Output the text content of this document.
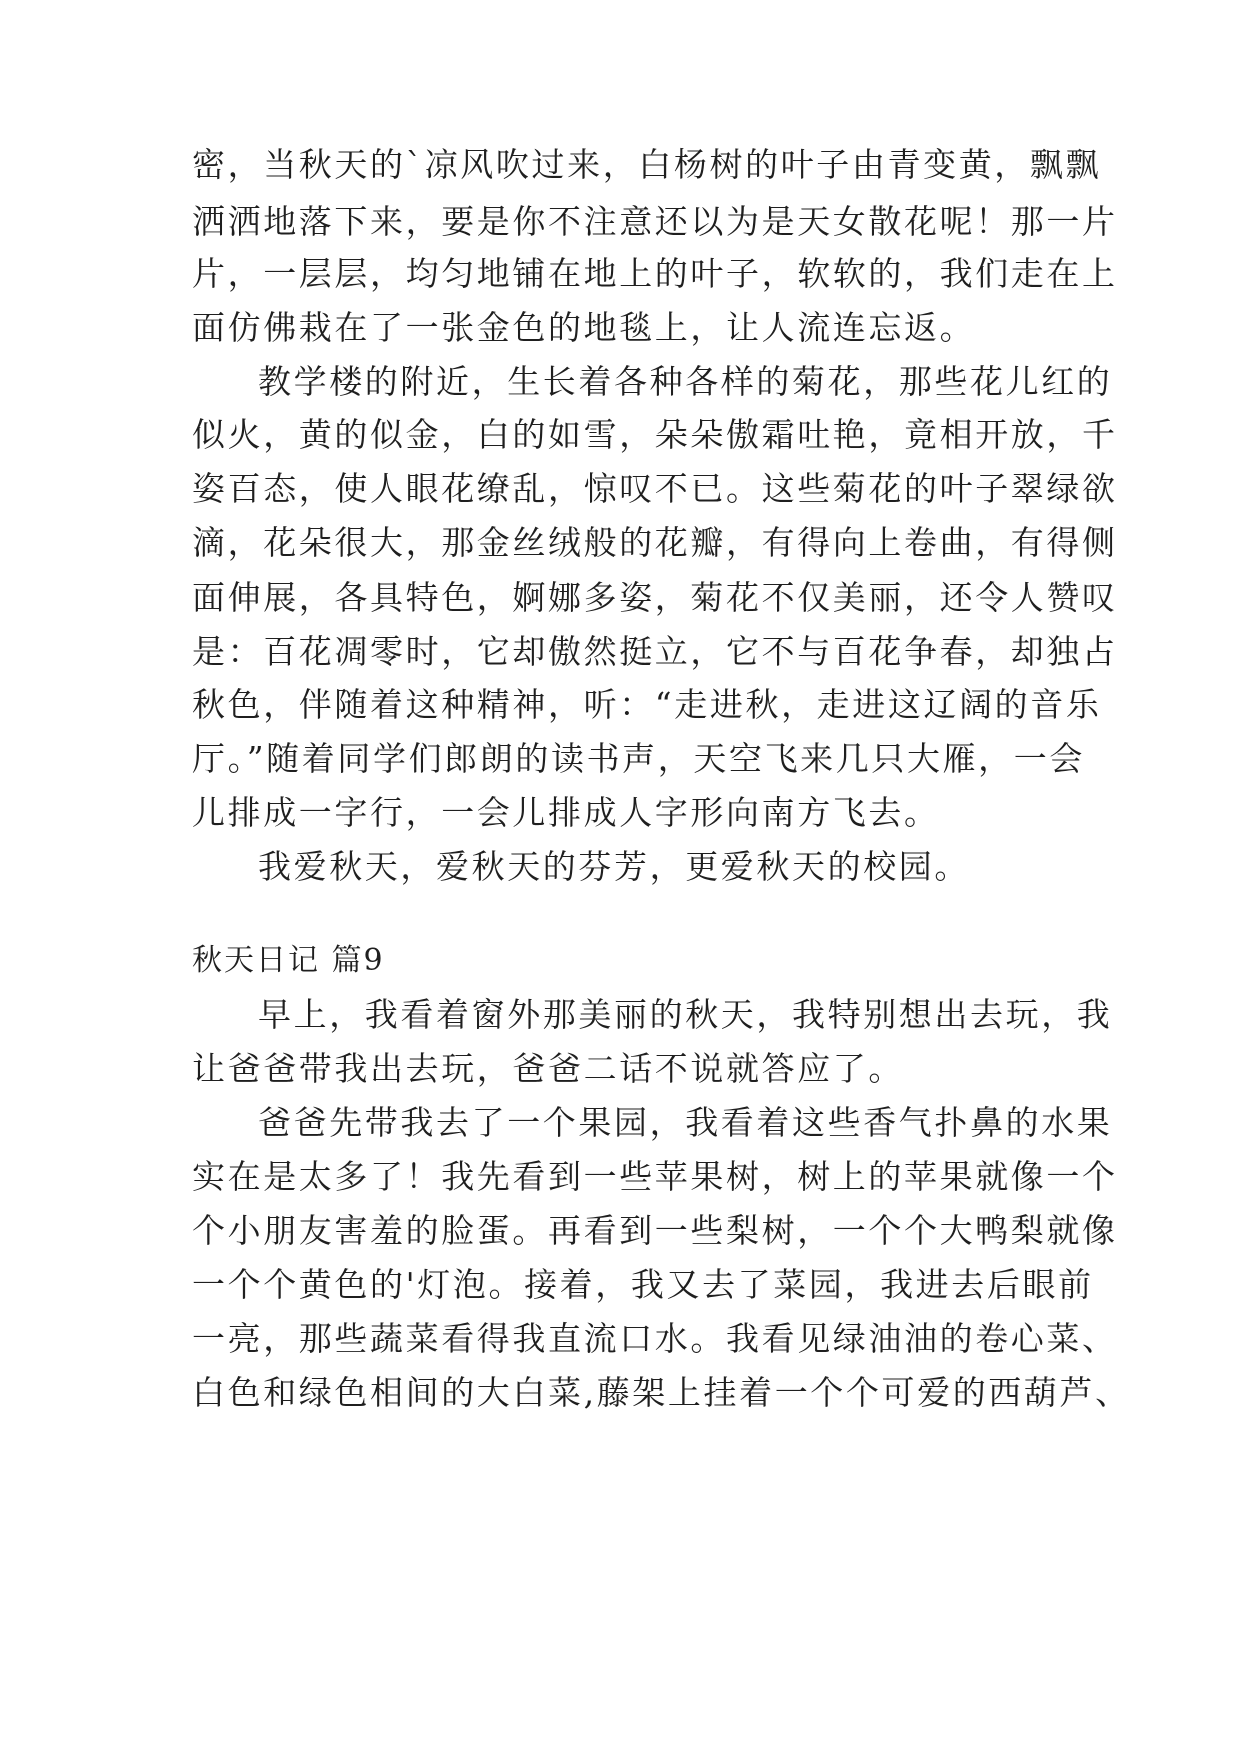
密，当秋天的`凉风吹过来，白杨树的叶子由青变黄，飘飘
洒洒地落下来，要是你不注意还以为是天女散花呢！那一片
片，一层层，均匀地铺在地上的叶子，软软的，我们走在上
面仿佛栽在了一张金色的地毯上，让人流连忘返。
教学楼的附近，生长着各种各样的菊花，那些花儿红的
似火，黄的似金，白的如雪，朵朵傲霜吐艳，竟相开放，千
姿百态，使人眼花缭乱，惊叹不已。这些菊花的叶子翠绿欲
滴，花朵很大，那金丝绒般的花瓣，有得向上卷曲，有得侧
面伸展，各具特色，婀娜多姿，菊花不仅美丽，还令人赞叹
是：百花凋零时，它却傲然挺立，它不与百花争春，却独占
秋色，伴随着这种精神，听：“走进秋，走进这辽阔的音乐
厅。”随着同学们郎朗的读书声，天空飞来几只大雁，一会
儿排成一字行，一会儿排成人字形向南方飞去。
我爱秋天，爱秋天的芬芳，更爱秋天的校园。
秋天日记 篇9
早上，我看着窗外那美丽的秋天，我特别想出去玩，我
让爸爸带我出去玩，爸爸二话不说就答应了。
爸爸先带我去了一个果园，我看着这些香气扑鼻的水果
实在是太多了！我先看到一些苹果树，树上的苹果就像一个
个小朋友害羞的脸蛋。再看到一些梨树，一个个大鸭梨就像
一个个黄色的'灯泡。接着，我又去了菜园，我进去后眼前
一亮，那些蔬菜看得我直流口水。我看见绿油油的卷心菜、
白色和绿色相间的大白菜,藤架上挂着一个个可爱的西葫芦、
